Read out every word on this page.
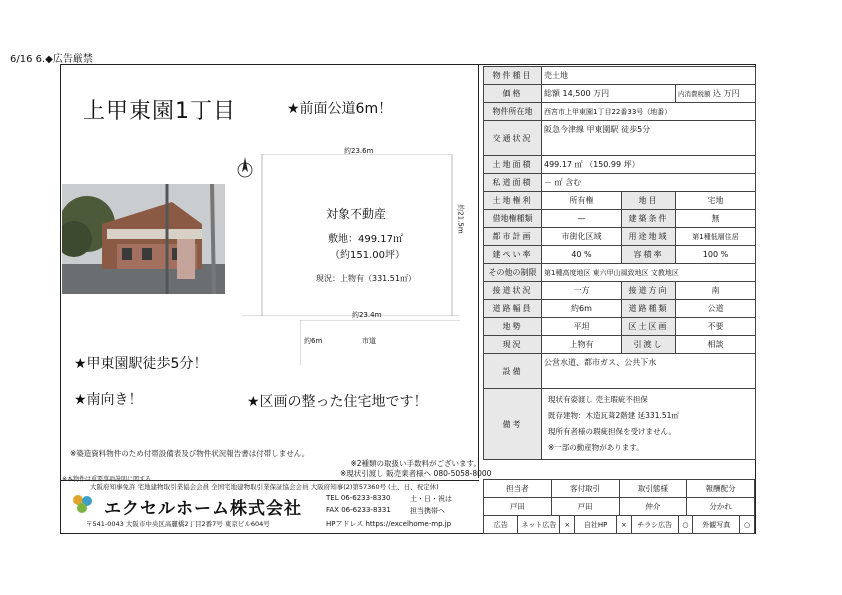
6/16 6.◆広告厳禁
上甲東園1丁目	★前面公道6m！
約23.6m
約21.5m
対象不動産
敷地：499.17㎡
（約151.00坪）
現況：上物有（331.51㎡）
約23.4m
約6m	市道
★甲東園駅徒歩5分！
★南向き！	★区画の整った住宅地です！
※築造資料物件のため付帯設備表及び物件状況報告書は付帯しません。
※2種類の取扱い手数料がございます。
※現状引渡し 販売業者様へ 080-5058-8000
※本物件は重要事項説明に関する…
大阪府知事免許 宅地建物取引業協会会員 全国宅地建物取引業保証協会会員 大阪府知事(2)第57360号 (土、日、祝定休)
エクセルホーム株式会社
TEL 06-6233-8330
FAX 06-6233-8331
土・日・祝は
担当携帯へ
〒541-0043 大阪市中央区高麗橋2丁目2番7号 東京ビル604号	HPアドレス https://excelhome-mp.jp
物件種目	売土地		
価格	総額 14,500 万円		内消費税額 込 万円
物件所在地	西宮市上甲東園1丁目22番33号（地番）		
交通状況	阪急今津線 甲東園駅 徒歩5分		
土地面積	499.17 ㎡ （150.99 坪）		
私道面積	－ ㎡ 含む		
土地権利	所有権	地目	宅地
借地権種類	—	建築条件	無
都市計画	市街化区域	用途地域	第1種低層住居
建ぺい率	40 %	容積率	100 %
その他の制限	第1種高度地区 東六甲山風致地区 文教地区		
接道状況	一方	接道方向	南
道路幅員	約6m	道路種類	公道
地勢	平坦	区土区画	不要
現況	上物有	引渡し	相談
設備	公営水道、都市ガス、公共下水		
備考	現状有姿渡し 売主瑕疵不担保
既存建物：木造瓦葺2階建 延331.51㎡
現所有者様の瑕疵担保を受けません。
※一部の動産物があります。		
担当者	客付取引	取引態様	報酬配分
戸田	戸田	仲介	分かれ
広告	ネット広告	×	自社HP	×	チラシ広告	○	外観写真	○
